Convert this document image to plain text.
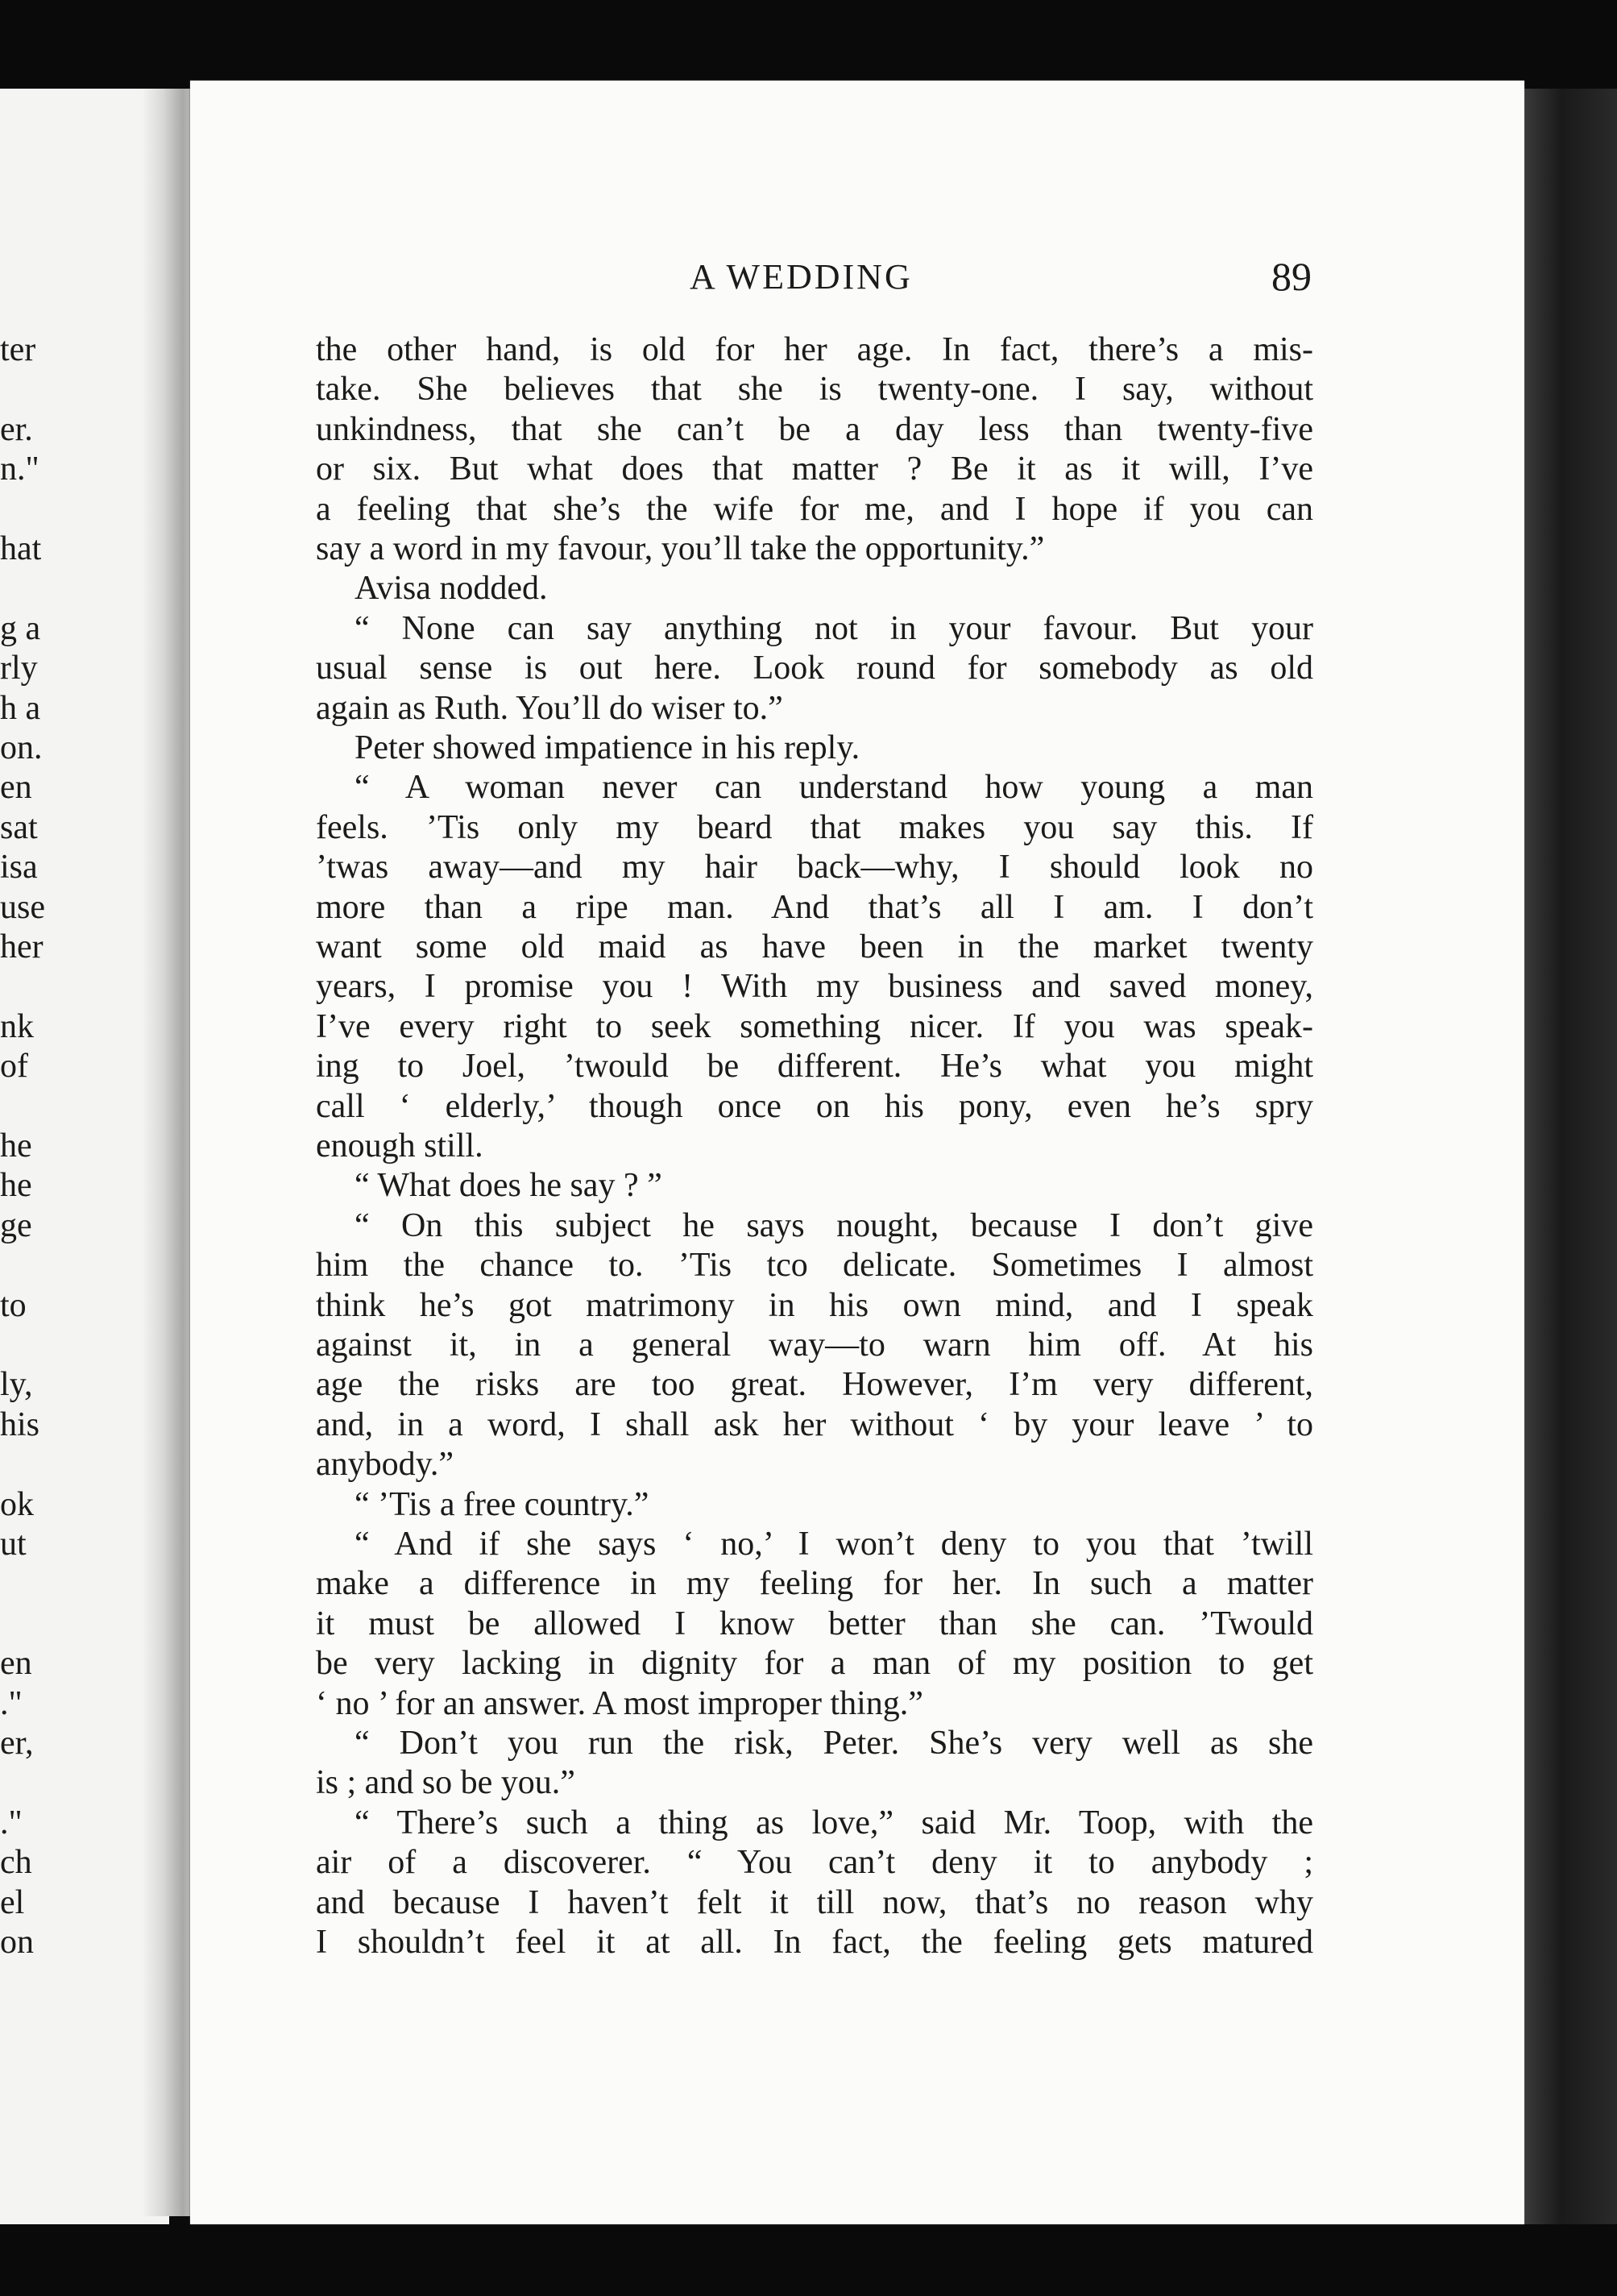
ter

er.

n."

hat

g a

rly

h a

on.

en

sat

isa

use

her

nk

of

he

he

ge

to

ly,

his

ok

ut

en

."

er,

."

ch

el

on

A WEDDING	89

the other hand, is old for her age. In fact, there’s a mis-

take. She believes that she is twenty-one. I say, without

unkindness, that she can’t be a day less than twenty-five

or six. But what does that matter ? Be it as it will, I’ve

a feeling that she’s the wife for me, and I hope if you can

say a word in my favour, you’ll take the opportunity.”

Avisa nodded.

“ None can say anything not in your favour. But your

usual sense is out here. Look round for somebody as old

again as Ruth. You’ll do wiser to.”

Peter showed impatience in his reply.

“ A woman never can understand how young a man

feels. ’Tis only my beard that makes you say this. If

’twas away—and my hair back—why, I should look no

more than a ripe man. And that’s all I am. I don’t

want some old maid as have been in the market twenty

years, I promise you ! With my business and saved money,

I’ve every right to seek something nicer. If you was speak-

ing to Joel, ’twould be different. He’s what you might

call ‘ elderly,’ though once on his pony, even he’s spry

enough still.

“ What does he say ? ”

“ On this subject he says nought, because I don’t give

him the chance to. ’Tis tco delicate. Sometimes I almost

think he’s got matrimony in his own mind, and I speak

against it, in a general way—to warn him off. At his

age the risks are too great. However, I’m very different,

and, in a word, I shall ask her without ‘ by your leave ’ to

anybody.”

“ ’Tis a free country.”

“ And if she says ‘ no,’ I won’t deny to you that ’twill

make a difference in my feeling for her. In such a matter

it must be allowed I know better than she can. ’Twould

be very lacking in dignity for a man of my position to get

‘ no ’ for an answer. A most improper thing.”

“ Don’t you run the risk, Peter. She’s very well as she

is ; and so be you.”

“ There’s such a thing as love,” said Mr. Toop, with the

air of a discoverer. “ You can’t deny it to anybody ;

and because I haven’t felt it till now, that’s no reason why

I shouldn’t feel it at all. In fact, the feeling gets matured
